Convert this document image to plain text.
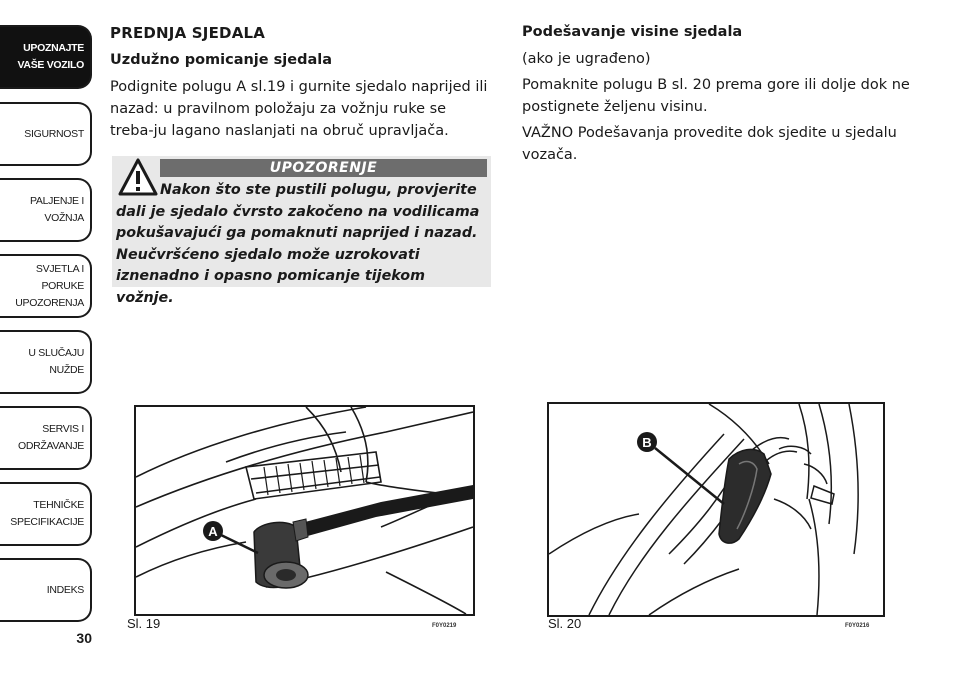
UPOZNAJTE
VAŠE VOZILO
SIGURNOST
PALJENJE I
VOŽNJA
SVJETLA I PORUKE
UPOZORENJA
U SLUČAJU
NUŽDE
SERVIS I
ODRŽAVANJE
TEHNIČKE
SPECIFIKACIJE
INDEKS
30
PREDNJA SJEDALA
Uzdužno pomicanje sjedala

Podignite polugu A sl.19 i gurnite sjedalo naprijed ili nazad: u pravilnom položaju za vožnju ruke se treba-ju lagano naslanjati na obruč upravljača.

UPOZORENJE
Nakon što ste pustili polugu, provjerite dali je sjedalo čvrsto zakočeno na vodilicama pokušavajući ga pomaknuti naprijed i nazad. Neučvršćeno sjedalo može uzrokovati iznenadno i opasno pomicanje tijekom vožnje.
Podešavanje visine sjedala

(ako je ugrađeno)

Pomaknite polugu B sl. 20 prema gore ili dolje dok ne postignete željenu visinu.

VAŽNO Podešavanja provedite dok sjedite u sjedalu vozača.

A
Sl. 19	F0Y0219
B
Sl. 20	F0Y0216
